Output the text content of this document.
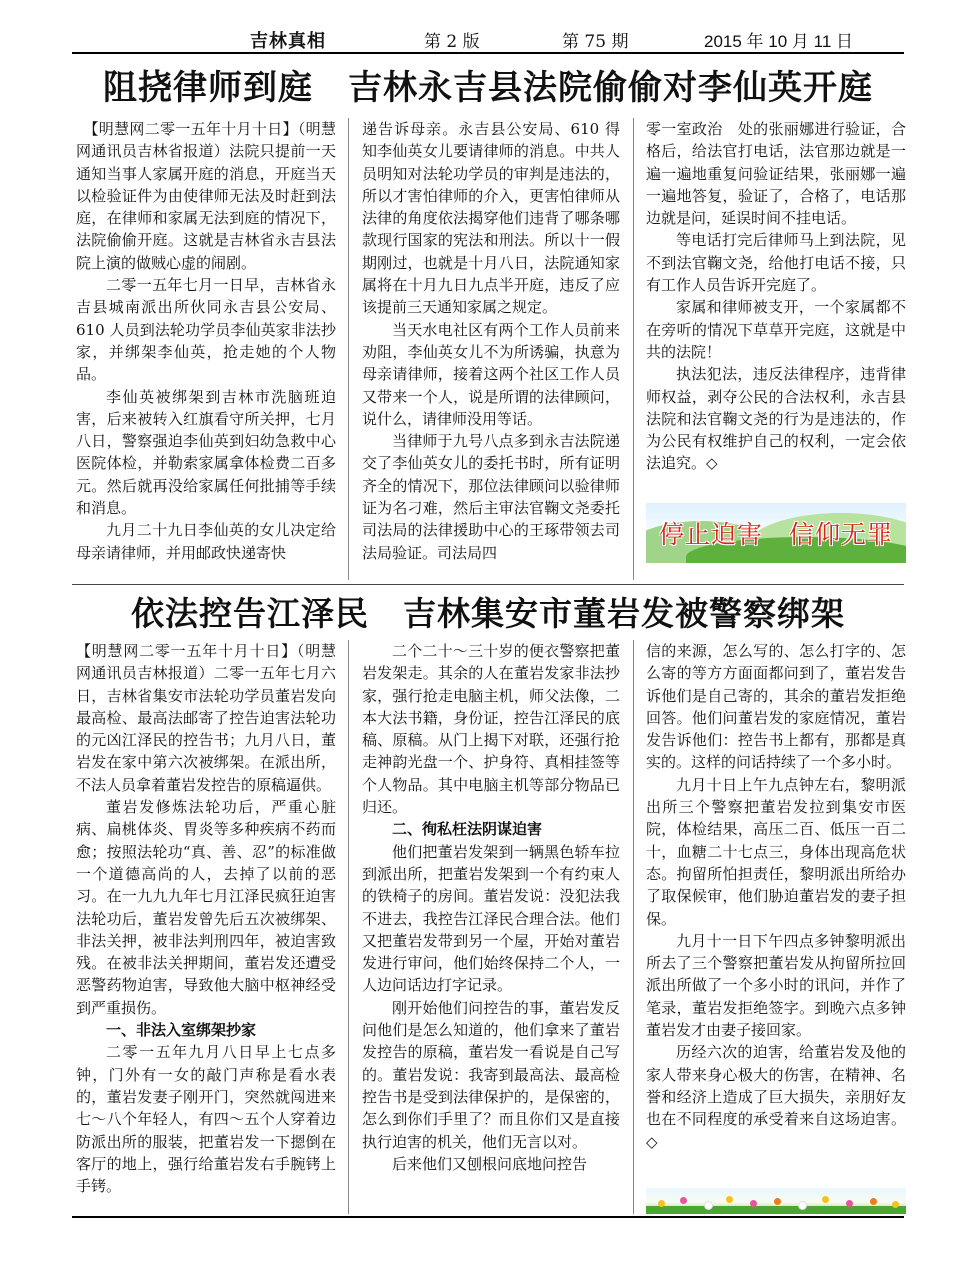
吉林真相	第 2 版	第 75 期	2015 年 10 月 11 日
阻挠律师到庭　吉林永吉县法院偷偷对李仙英开庭

【明慧网二零一五年十月十日】（明慧网通讯员吉林省报道）法院只提前一天通知当事人家属开庭的消息，开庭当天以检验证件为由使律师无法及时赶到法庭，在律师和家属无法到庭的情况下，法院偷偷开庭。这就是吉林省永吉县法院上演的做贼心虚的闹剧。

二零一五年七月一日早，吉林省永吉县城南派出所伙同永吉县公安局、610 人员到法轮功学员李仙英家非法抄家，并绑架李仙英，抢走她的个人物品。

李仙英被绑架到吉林市洗脑班迫害，后来被转入红旗看守所关押，七月八日，警察强迫李仙英到妇幼急救中心医院体检，并勒索家属拿体检费二百多元。然后就再没给家属任何批捕等手续和消息。

九月二十九日李仙英的女儿决定给母亲请律师，并用邮政快递寄快

递告诉母亲。永吉县公安局、610 得知李仙英女儿要请律师的消息。中共人员明知对法轮功学员的审判是违法的，所以才害怕律师的介入，更害怕律师从法律的角度依法揭穿他们违背了哪条哪款现行国家的宪法和刑法。所以十一假期刚过，也就是十月八日，法院通知家属将在十月九日九点半开庭，违反了应该提前三天通知家属之规定。

当天水电社区有两个工作人员前来劝阻，李仙英女儿不为所诱骗，执意为母亲请律师，接着这两个社区工作人员又带来一个人，说是所谓的法律顾问，说什么，请律师没用等话。

当律师于九号八点多到永吉法院递交了李仙英女儿的委托书时，所有证明齐全的情况下，那位法律顾问以验律师证为名刁难，然后主审法官鞠文尧委托司法局的法律援助中心的王琢带领去司法局验证。司法局四

零一室政治　处的张丽娜进行验证，合格后，给法官打电话，法官那边就是一遍一遍地重复问验证结果，张丽娜一遍一遍地答复，验证了，合格了，电话那边就是问，延误时间不挂电话。

等电话打完后律师马上到法院，见不到法官鞠文尧，给他打电话不接，只有工作人员告诉开完庭了。

家属和律师被支开，一个家属都不在旁听的情况下草草开完庭，这就是中共的法院！

执法犯法，违反法律程序，违背律师权益，剥夺公民的合法权利，永吉县法院和法官鞠文尧的行为是违法的，作为公民有权维护自己的权利，一定会依法追究。◇

停止迫害　信仰无罪
依法控告江泽民　吉林集安市董岩发被警察绑架

【明慧网二零一五年十月十日】（明慧网通讯员吉林报道）二零一五年七月六日，吉林省集安市法轮功学员董岩发向最高检、最高法邮寄了控告迫害法轮功的元凶江泽民的控告书；九月八日，董岩发在家中第六次被绑架。在派出所，不法人员拿着董岩发控告的原稿逼供。

董岩发修炼法轮功后，严重心脏病、扁桃体炎、胃炎等多种疾病不药而愈；按照法轮功“真、善、忍”的标准做一个道德高尚的人，去掉了以前的恶习。在一九九九年七月江泽民疯狂迫害法轮功后，董岩发曾先后五次被绑架、非法关押，被非法判刑四年，被迫害致残。在被非法关押期间，董岩发还遭受恶警药物迫害，导致他大脑中枢神经受到严重损伤。

一、非法入室绑架抄家

二零一五年九月八日早上七点多钟，门外有一女的敲门声称是看水表的，董岩发妻子刚开门，突然就闯进来七～八个年轻人，有四～五个人穿着边防派出所的服装，把董岩发一下摁倒在客厅的地上，强行给董岩发右手腕铐上手铐。

二个二十～三十岁的便衣警察把董岩发架走。其余的人在董岩发家非法抄家，强行抢走电脑主机，师父法像，二本大法书籍，身份证，控告江泽民的底稿、原稿。从门上揭下对联，还强行抢走神韵光盘一个、护身符、真相挂签等个人物品。其中电脑主机等部分物品已归还。

二、徇私枉法阴谋迫害

他们把董岩发架到一辆黑色轿车拉到派出所，把董岩发架到一个有约束人的铁椅子的房间。董岩发说：没犯法我不进去，我控告江泽民合理合法。他们又把董岩发带到另一个屋，开始对董岩发进行审问，他们始终保持二个人，一人边问话边打字记录。

刚开始他们问控告的事，董岩发反问他们是怎么知道的，他们拿来了董岩发控告的原稿，董岩发一看说是自己写的。董岩发说：我寄到最高法、最高检控告书是受到法律保护的，是保密的，怎么到你们手里了？而且你们又是直接执行迫害的机关，他们无言以对。

后来他们又刨根问底地问控告

信的来源，怎么写的、怎么打字的、怎么寄的等方方面面都问到了，董岩发告诉他们是自己寄的，其余的董岩发拒绝回答。他们问董岩发的家庭情况，董岩发告诉他们：控告书上都有，那都是真实的。这样的问话持续了一个多小时。

九月十日上午九点钟左右，黎明派出所三个警察把董岩发拉到集安市医院，体检结果，高压二百、低压一百二十，血糖二十七点三，身体出现高危状态。拘留所怕担责任，黎明派出所给办了取保候审，他们胁迫董岩发的妻子担保。

九月十一日下午四点多钟黎明派出所去了三个警察把董岩发从拘留所拉回派出所做了一个多小时的讯问，并作了笔录，董岩发拒绝签字。到晚六点多钟董岩发才由妻子接回家。

历经六次的迫害，给董岩发及他的家人带来身心极大的伤害，在精神、名誉和经济上造成了巨大损失，亲朋好友也在不同程度的承受着来自这场迫害。◇
